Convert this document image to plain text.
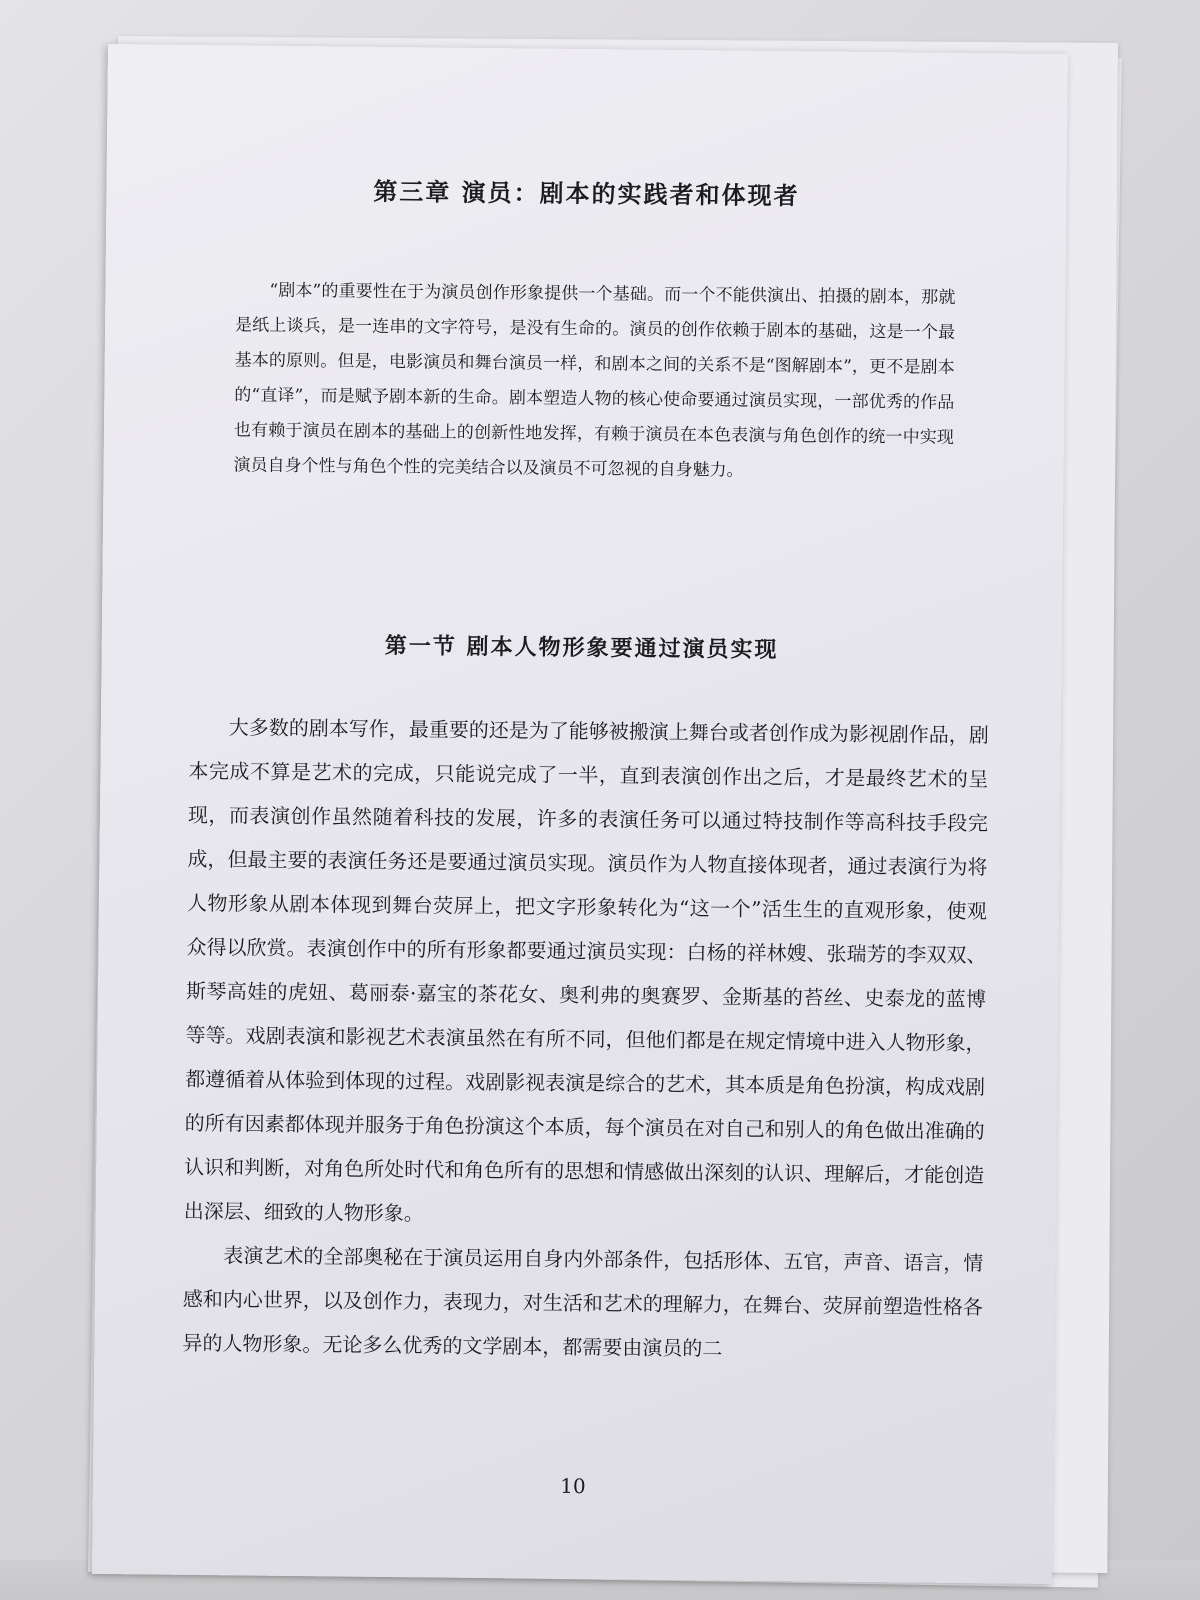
第三章 演员：剧本的实践者和体现者

“剧本”的重要性在于为演员创作形象提供一个基础。而一个不能供演出、拍摄的剧本，那就是纸上谈兵，是一连串的文字符号，是没有生命的。演员的创作依赖于剧本的基础，这是一个最基本的原则。但是，电影演员和舞台演员一样，和剧本之间的关系不是“图解剧本”，更不是剧本的“直译”，而是赋予剧本新的生命。剧本塑造人物的核心使命要通过演员实现，一部优秀的作品也有赖于演员在剧本的基础上的创新性地发挥，有赖于演员在本色表演与角色创作的统一中实现演员自身个性与角色个性的完美结合以及演员不可忽视的自身魅力。

第一节 剧本人物形象要通过演员实现

大多数的剧本写作，最重要的还是为了能够被搬演上舞台或者创作成为影视剧作品，剧本完成不算是艺术的完成，只能说完成了一半，直到表演创作出之后，才是最终艺术的呈现，而表演创作虽然随着科技的发展，许多的表演任务可以通过特技制作等高科技手段完成，但最主要的表演任务还是要通过演员实现。演员作为人物直接体现者，通过表演行为将人物形象从剧本体现到舞台荧屏上，把文字形象转化为“这一个”活生生的直观形象，使观众得以欣赏。表演创作中的所有形象都要通过演员实现：白杨的祥林嫂、张瑞芳的李双双、斯琴高娃的虎妞、葛丽泰·嘉宝的茶花女、奥利弗的奥赛罗、金斯基的苔丝、史泰龙的蓝博等等。戏剧表演和影视艺术表演虽然在有所不同，但他们都是在规定情境中进入人物形象，都遵循着从体验到体现的过程。戏剧影视表演是综合的艺术，其本质是角色扮演，构成戏剧的所有因素都体现并服务于角色扮演这个本质，每个演员在对自己和别人的角色做出准确的认识和判断，对角色所处时代和角色所有的思想和情感做出深刻的认识、理解后，才能创造出深层、细致的人物形象。

表演艺术的全部奥秘在于演员运用自身内外部条件，包括形体、五官，声音、语言，情感和内心世界，以及创作力，表现力，对生活和艺术的理解力，在舞台、荧屏前塑造性格各异的人物形象。无论多么优秀的文学剧本，都需要由演员的二

10
